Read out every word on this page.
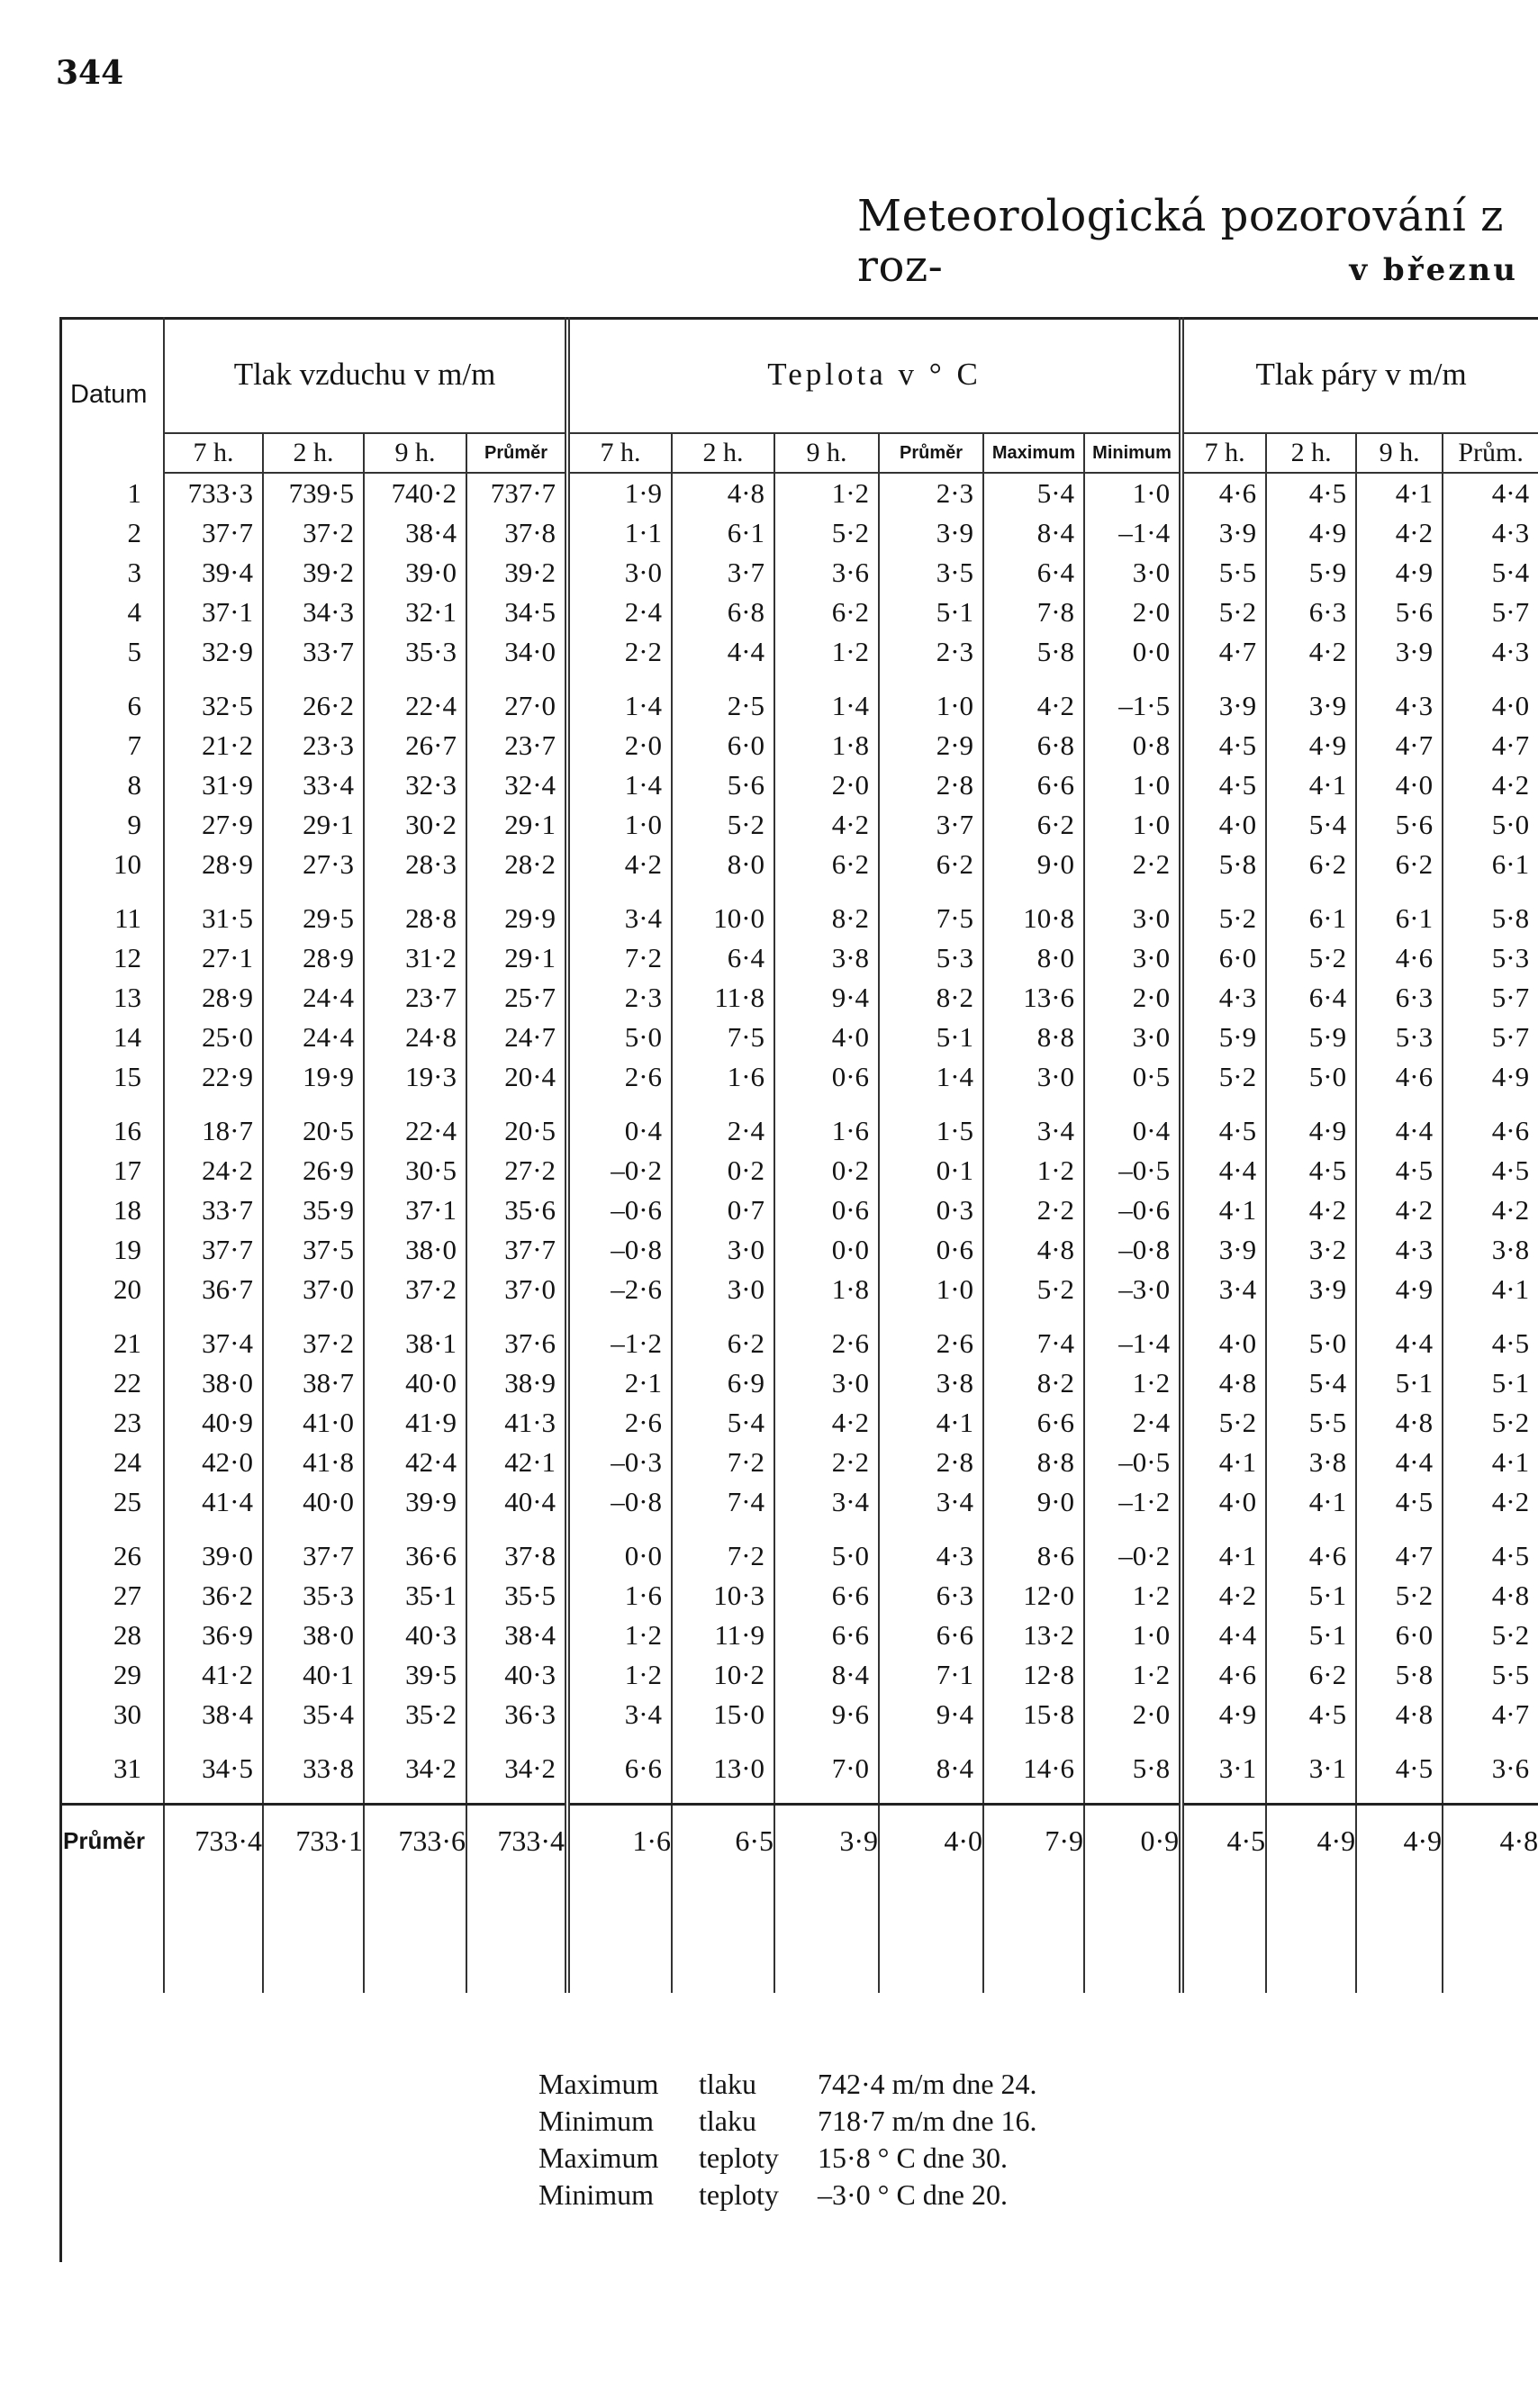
344
Meteorologická pozorování z roz-	v březnu
Datum	Tlak vzduchu v m/m				Teplota v ° C						Tlak páry v m/m			
	7 h.	2 h.	9 h.	Průměr	7 h.	2 h.	9 h.	Průměr	Maximum	Minimum	7 h.	2 h.	9 h.	Prům.
1	733·3	739·5	740·2	737·7	1·9	4·8	1·2	2·3	5·4	1·0	4·6	4·5	4·1	4·4
2	37·7	37·2	38·4	37·8	1·1	6·1	5·2	3·9	8·4	–1·4	3·9	4·9	4·2	4·3
3	39·4	39·2	39·0	39·2	3·0	3·7	3·6	3·5	6·4	3·0	5·5	5·9	4·9	5·4
4	37·1	34·3	32·1	34·5	2·4	6·8	6·2	5·1	7·8	2·0	5·2	6·3	5·6	5·7
5	32·9	33·7	35·3	34·0	2·2	4·4	1·2	2·3	5·8	0·0	4·7	4·2	3·9	4·3

6	32·5	26·2	22·4	27·0	1·4	2·5	1·4	1·0	4·2	–1·5	3·9	3·9	4·3	4·0
7	21·2	23·3	26·7	23·7	2·0	6·0	1·8	2·9	6·8	0·8	4·5	4·9	4·7	4·7
8	31·9	33·4	32·3	32·4	1·4	5·6	2·0	2·8	6·6	1·0	4·5	4·1	4·0	4·2
9	27·9	29·1	30·2	29·1	1·0	5·2	4·2	3·7	6·2	1·0	4·0	5·4	5·6	5·0
10	28·9	27·3	28·3	28·2	4·2	8·0	6·2	6·2	9·0	2·2	5·8	6·2	6·2	6·1

11	31·5	29·5	28·8	29·9	3·4	10·0	8·2	7·5	10·8	3·0	5·2	6·1	6·1	5·8
12	27·1	28·9	31·2	29·1	7·2	6·4	3·8	5·3	8·0	3·0	6·0	5·2	4·6	5·3
13	28·9	24·4	23·7	25·7	2·3	11·8	9·4	8·2	13·6	2·0	4·3	6·4	6·3	5·7
14	25·0	24·4	24·8	24·7	5·0	7·5	4·0	5·1	8·8	3·0	5·9	5·9	5·3	5·7
15	22·9	19·9	19·3	20·4	2·6	1·6	0·6	1·4	3·0	0·5	5·2	5·0	4·6	4·9

16	18·7	20·5	22·4	20·5	0·4	2·4	1·6	1·5	3·4	0·4	4·5	4·9	4·4	4·6
17	24·2	26·9	30·5	27·2	–0·2	0·2	0·2	0·1	1·2	–0·5	4·4	4·5	4·5	4·5
18	33·7	35·9	37·1	35·6	–0·6	0·7	0·6	0·3	2·2	–0·6	4·1	4·2	4·2	4·2
19	37·7	37·5	38·0	37·7	–0·8	3·0	0·0	0·6	4·8	–0·8	3·9	3·2	4·3	3·8
20	36·7	37·0	37·2	37·0	–2·6	3·0	1·8	1·0	5·2	–3·0	3·4	3·9	4·9	4·1

21	37·4	37·2	38·1	37·6	–1·2	6·2	2·6	2·6	7·4	–1·4	4·0	5·0	4·4	4·5
22	38·0	38·7	40·0	38·9	2·1	6·9	3·0	3·8	8·2	1·2	4·8	5·4	5·1	5·1
23	40·9	41·0	41·9	41·3	2·6	5·4	4·2	4·1	6·6	2·4	5·2	5·5	4·8	5·2
24	42·0	41·8	42·4	42·1	–0·3	7·2	2·2	2·8	8·8	–0·5	4·1	3·8	4·4	4·1
25	41·4	40·0	39·9	40·4	–0·8	7·4	3·4	3·4	9·0	–1·2	4·0	4·1	4·5	4·2

26	39·0	37·7	36·6	37·8	0·0	7·2	5·0	4·3	8·6	–0·2	4·1	4·6	4·7	4·5
27	36·2	35·3	35·1	35·5	1·6	10·3	6·6	6·3	12·0	1·2	4·2	5·1	5·2	4·8
28	36·9	38·0	40·3	38·4	1·2	11·9	6·6	6·6	13·2	1·0	4·4	5·1	6·0	5·2
29	41·2	40·1	39·5	40·3	1·2	10·2	8·4	7·1	12·8	1·2	4·6	6·2	5·8	5·5
30	38·4	35·4	35·2	36·3	3·4	15·0	9·6	9·4	15·8	2·0	4·9	4·5	4·8	4·7

31	34·5	33·8	34·2	34·2	6·6	13·0	7·0	8·4	14·6	5·8	3·1	3·1	4·5	3·6

Průměr	733·4	733·1	733·6	733·4	1·6	6·5	3·9	4·0	7·9	0·9	4·5	4·9	4·9	4·8

Maximum tlaku 742·4 m/m dne 24.
Minimum tlaku 718·7 m/m dne 16.
Maximum teploty 15·8 ° C dne 30.
Minimum teploty –3·0 ° C dne 20.
